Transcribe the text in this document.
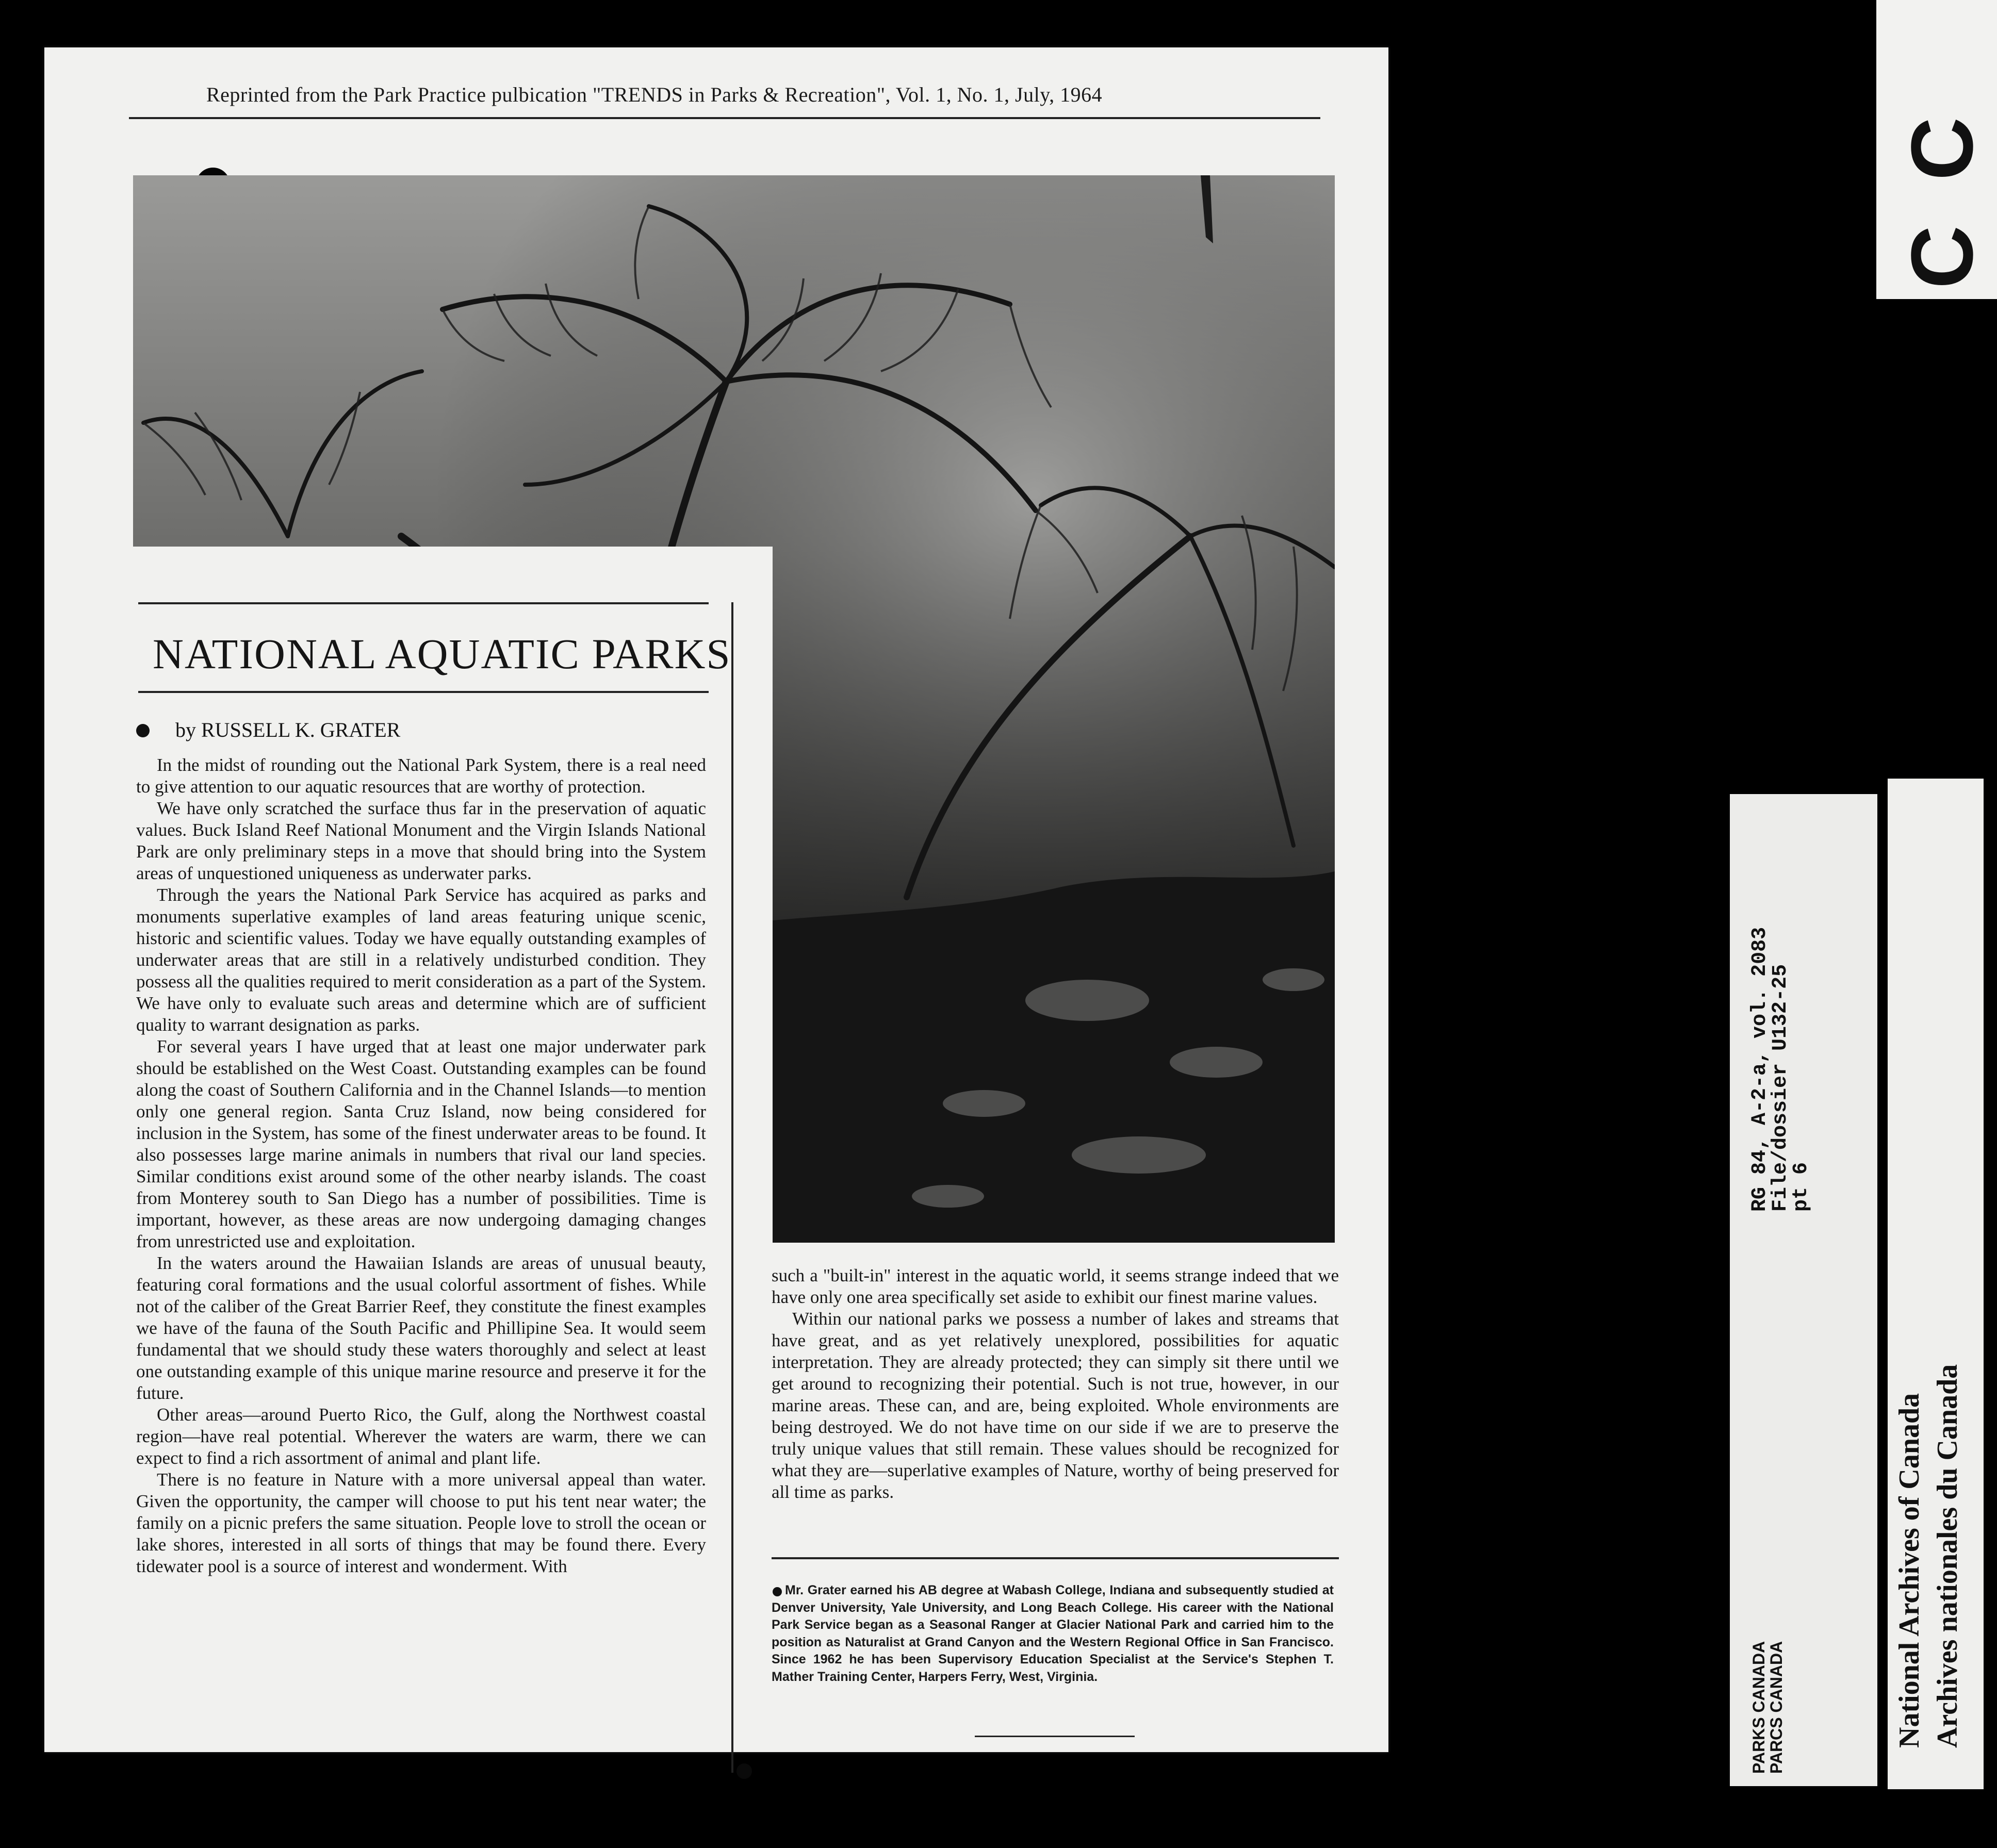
Reprinted from the Park Practice pulbication "TRENDS in Parks & Recreation", Vol. 1, No. 1, July, 1964
NATIONAL AQUATIC PARKS
by RUSSELL K. GRATER

In the midst of rounding out the National Park System, there is a real need to give attention to our aquatic resources that are worthy of protection.

We have only scratched the surface thus far in the preservation of aquatic values. Buck Island Reef National Monument and the Virgin Islands National Park are only preliminary steps in a move that should bring into the System areas of unquestioned uniqueness as underwater parks.

Through the years the National Park Service has acquired as parks and monuments superlative examples of land areas featuring unique scenic, historic and scientific values. Today we have equally outstanding examples of underwater areas that are still in a relatively undisturbed condition. They possess all the qualities required to merit consideration as a part of the System. We have only to evaluate such areas and determine which are of sufficient quality to warrant designation as parks.

For several years I have urged that at least one major underwater park should be established on the West Coast. Outstanding examples can be found along the coast of Southern California and in the Channel Islands—to mention only one general region. Santa Cruz Island, now being considered for inclusion in the System, has some of the finest underwater areas to be found. It also possesses large marine animals in numbers that rival our land species. Similar conditions exist around some of the other nearby islands. The coast from Monterey south to San Diego has a number of possibilities. Time is important, however, as these areas are now undergoing damaging changes from unrestricted use and exploitation.

In the waters around the Hawaiian Islands are areas of unusual beauty, featuring coral formations and the usual colorful assortment of fishes. While not of the caliber of the Great Barrier Reef, they constitute the finest examples we have of the fauna of the South Pacific and Phillipine Sea. It would seem fundamental that we should study these waters thoroughly and select at least one outstanding example of this unique marine resource and preserve it for the future.

Other areas—around Puerto Rico, the Gulf, along the Northwest coastal region—have real potential. Wherever the waters are warm, there we can expect to find a rich assortment of animal and plant life.

There is no feature in Nature with a more universal appeal than water. Given the opportunity, the camper will choose to put his tent near water; the family on a picnic prefers the same situation. People love to stroll the ocean or lake shores, interested in all sorts of things that may be found there. Every tidewater pool is a source of interest and wonderment. With

such a "built-in" interest in the aquatic world, it seems strange indeed that we have only one area specifically set aside to exhibit our finest marine values.

Within our national parks we possess a number of lakes and streams that have great, and as yet relatively unexplored, possibilities for aquatic interpretation. They are already protected; they can simply sit there until we get around to recognizing their potential. Such is not true, however, in our marine areas. These can, and are, being exploited. Whole environments are being destroyed. We do not have time on our side if we are to preserve the truly unique values that still remain. These values should be recognized for what they are—superlative examples of Nature, worthy of being preserved for all time as parks.

Mr. Grater earned his AB degree at Wabash College, Indiana and subsequently studied at Denver University, Yale University, and Long Beach College. His career with the National Park Service began as a Seasonal Ranger at Glacier National Park and carried him to the position as Naturalist at Grand Canyon and the Western Regional Office in San Francisco. Since 1962 he has been Supervisory Education Specialist at the Service's Stephen T. Mather Training Center, Harpers Ferry, West, Virginia.	PARKS CANADA
PARCS CANADA
RG 84, A-2-a, vol. 2083
File/dossier U132-25
pt 6
National Archives of Canada Archives nationales du Canada
C C
